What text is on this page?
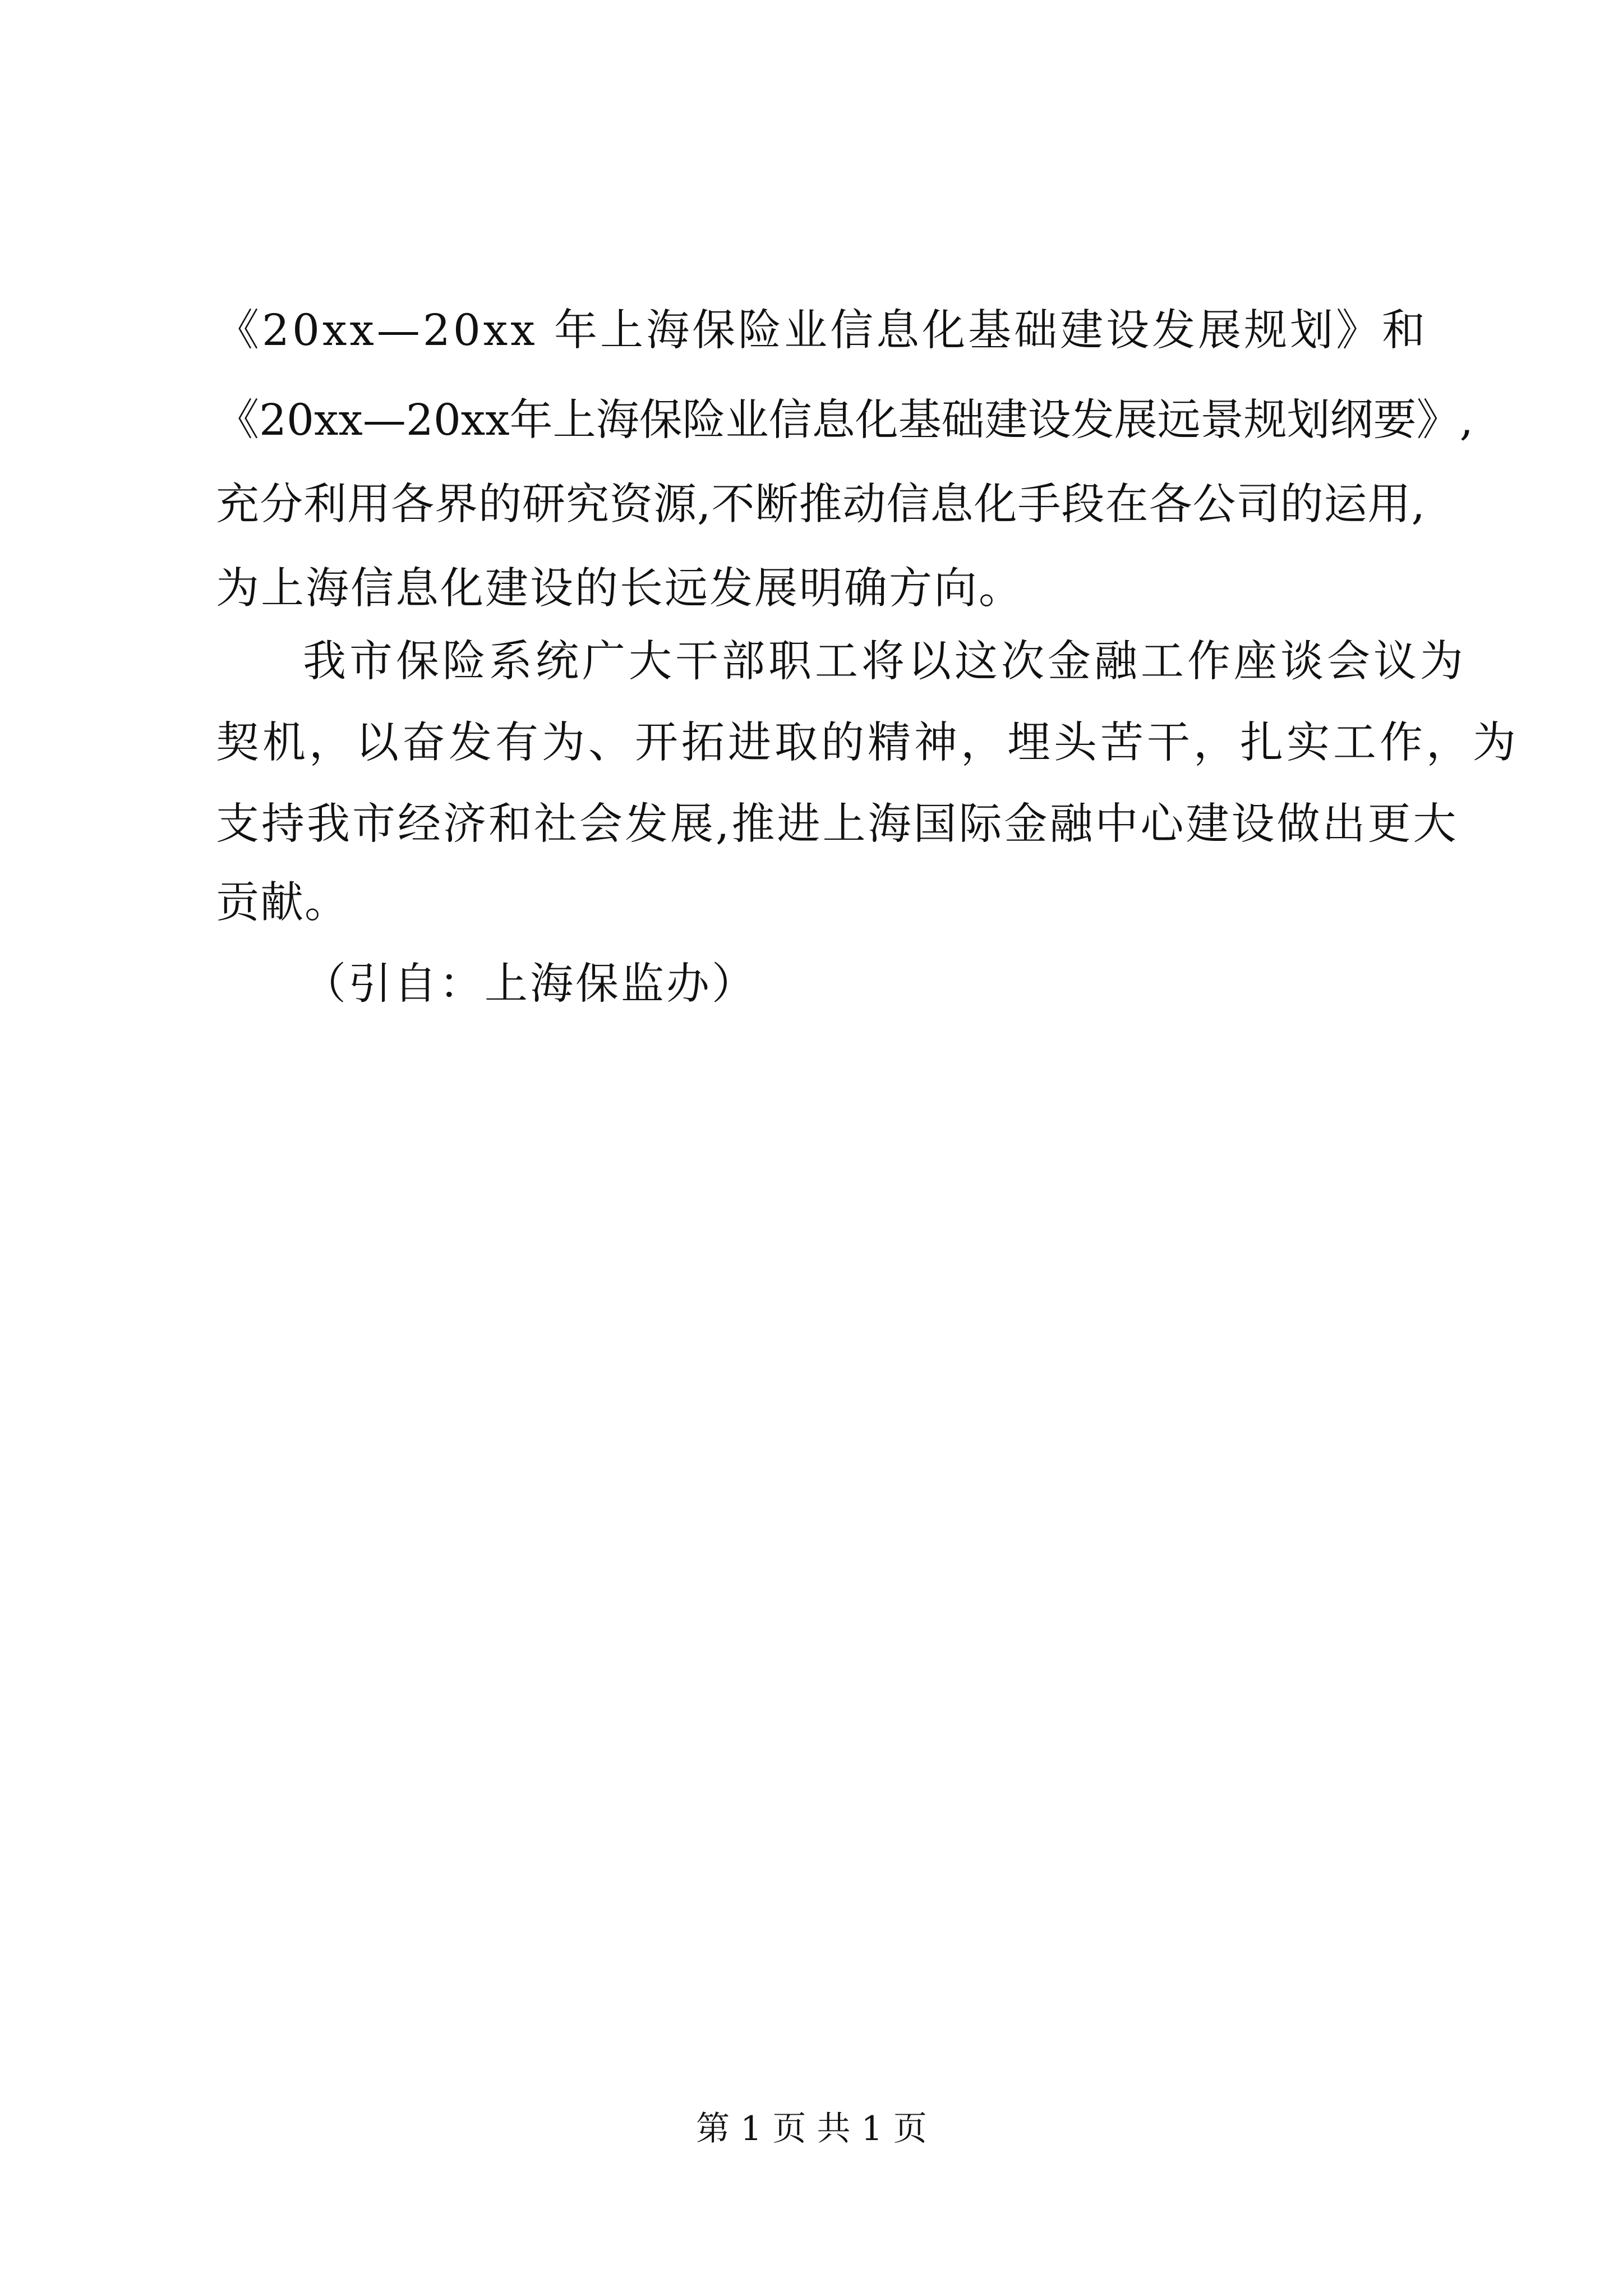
《20xx—20xx 年上海保险业信息化基础建设发展规划》和
《20xx—20xx年上海保险业信息化基础建设发展远景规划纲要》,
充分利用各界的研究资源,不断推动信息化手段在各公司的运用,
为上海信息化建设的长远发展明确方向。
我市保险系统广大干部职工将以这次金融工作座谈会议为
契机，以奋发有为、开拓进取的精神，埋头苦干，扎实工作，为
支持我市经济和社会发展,推进上海国际金融中心建设做出更大
贡献。
（引自：上海保监办）
第 1 页 共 1 页
